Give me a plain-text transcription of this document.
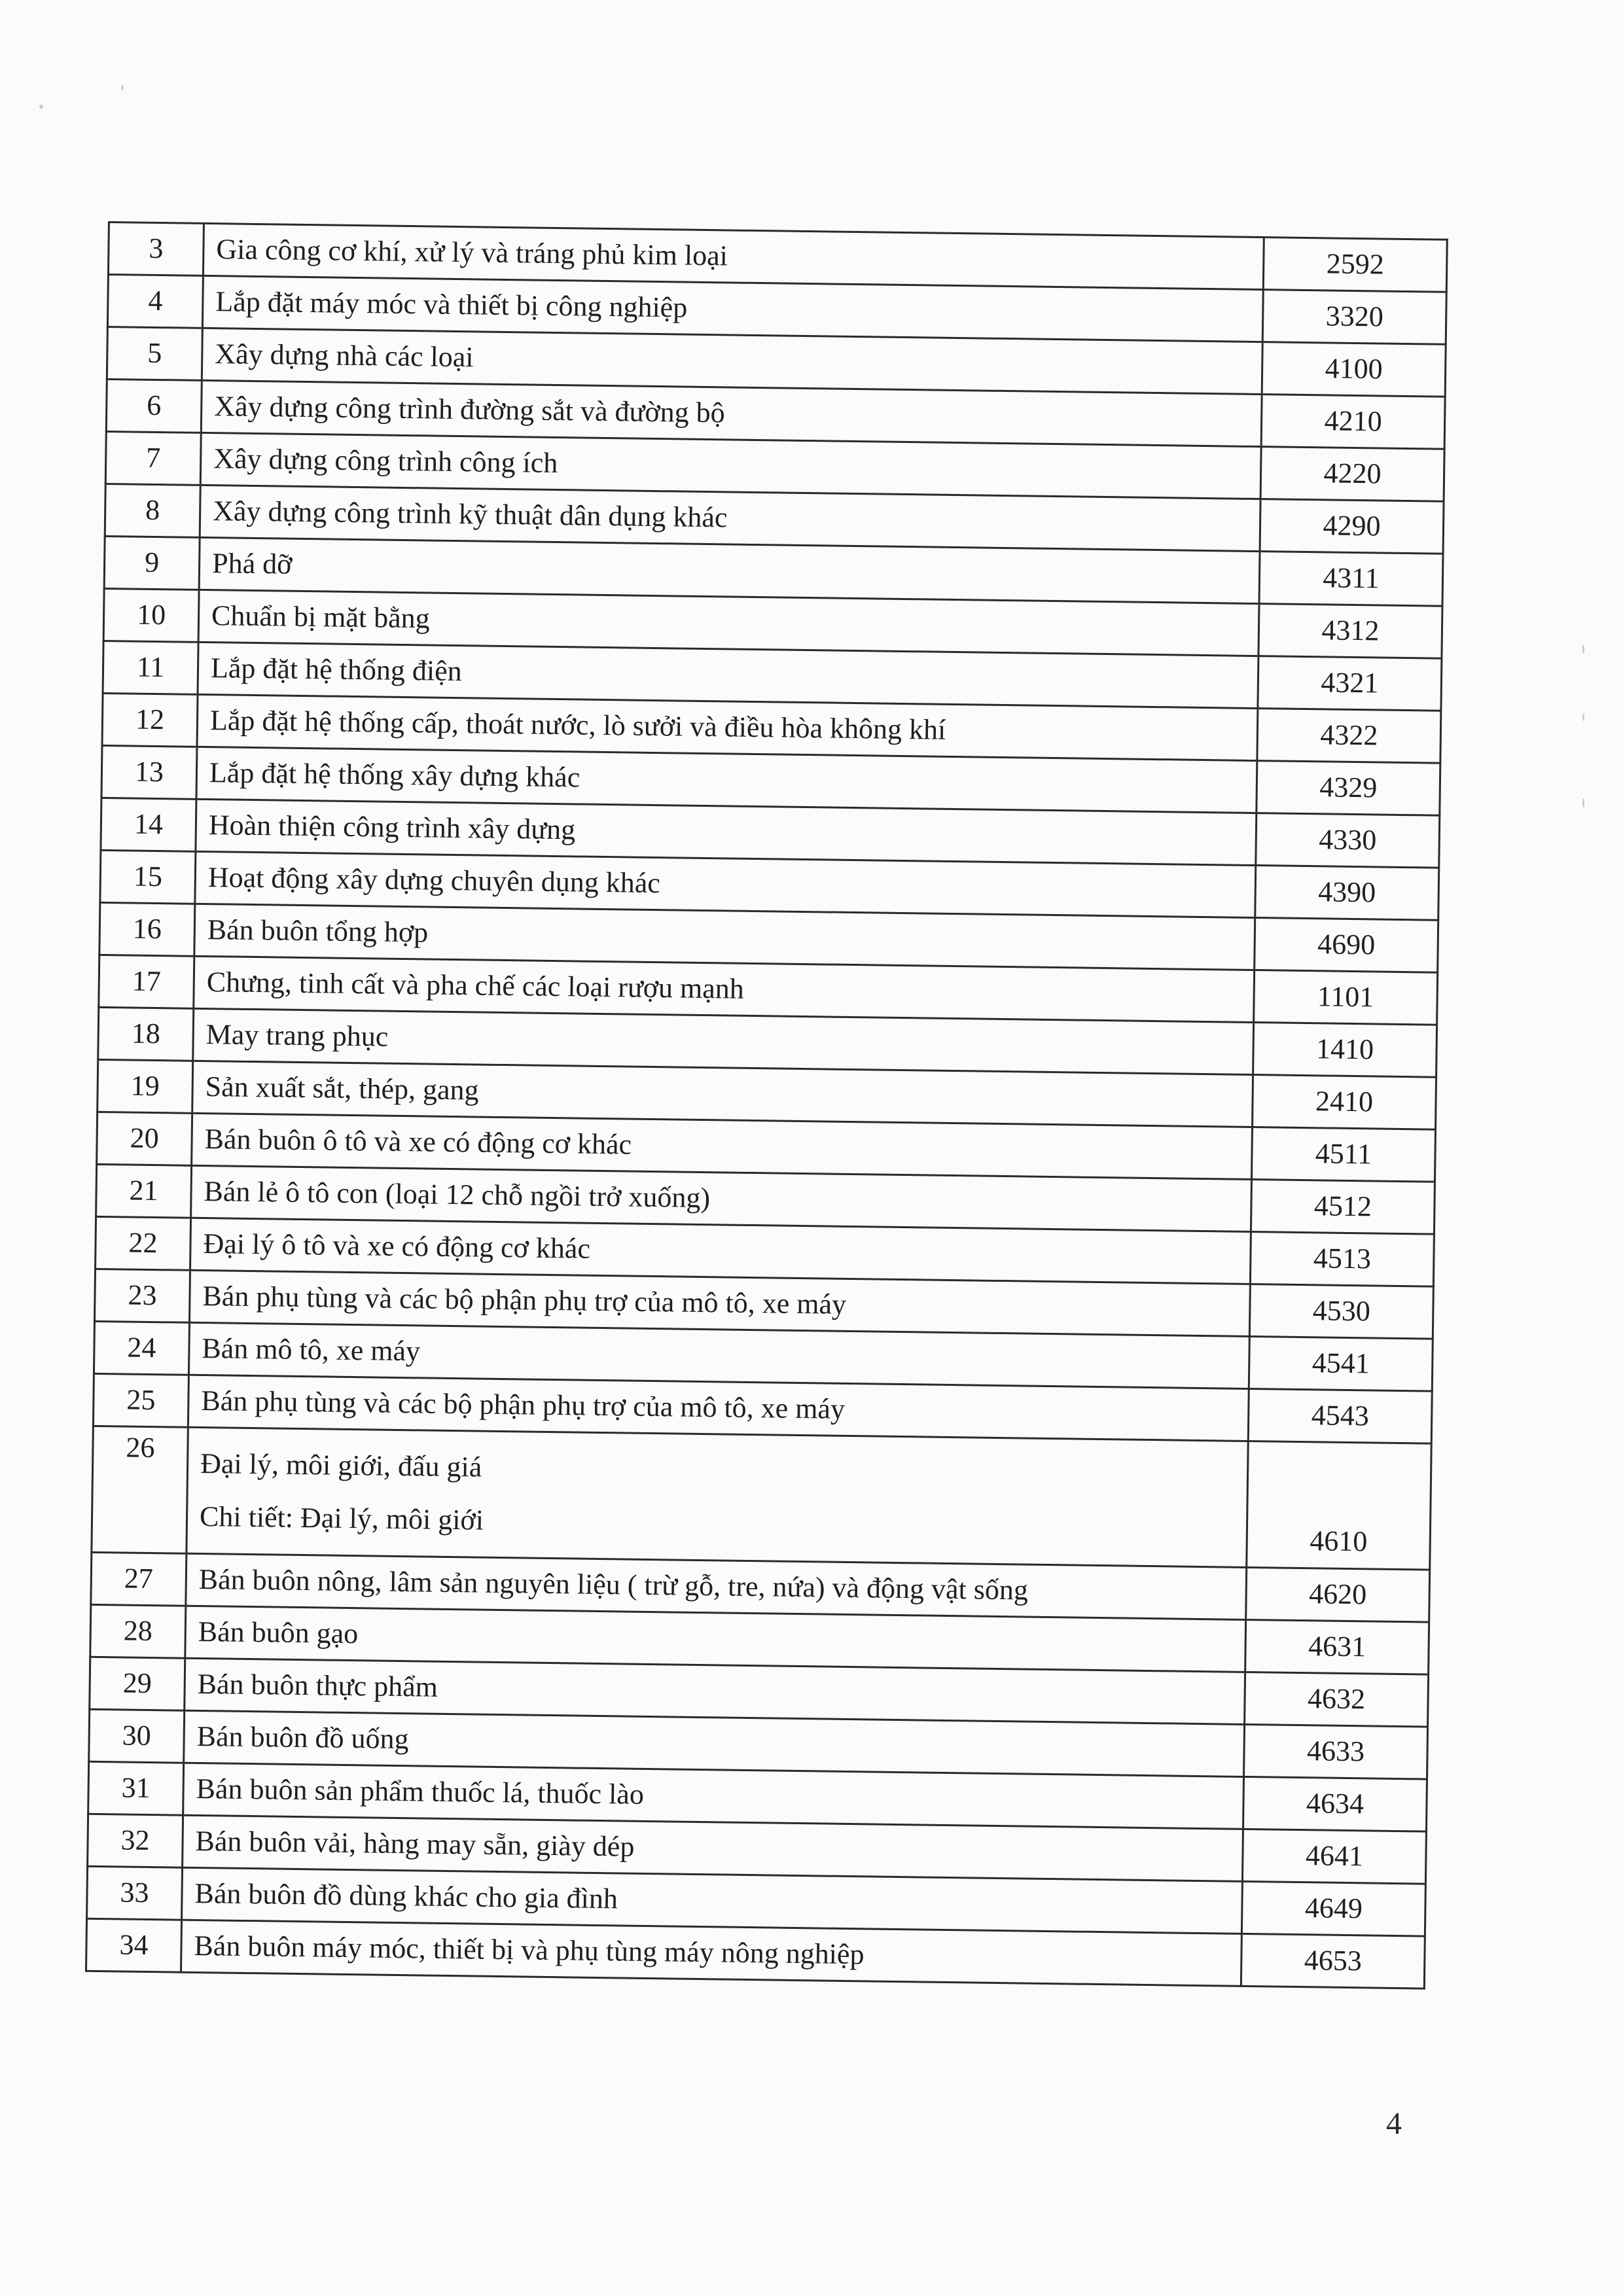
3	Gia công cơ khí, xử lý và tráng phủ kim loại	2592
4	Lắp đặt máy móc và thiết bị công nghiệp	3320
5	Xây dựng nhà các loại	4100
6	Xây dựng công trình đường sắt và đường bộ	4210
7	Xây dựng công trình công ích	4220
8	Xây dựng công trình kỹ thuật dân dụng khác	4290
9	Phá dỡ	4311
10	Chuẩn bị mặt bằng	4312
11	Lắp đặt hệ thống điện	4321
12	Lắp đặt hệ thống cấp, thoát nước, lò sưởi và điều hòa không khí	4322
13	Lắp đặt hệ thống xây dựng khác	4329
14	Hoàn thiện công trình xây dựng	4330
15	Hoạt động xây dựng chuyên dụng khác	4390
16	Bán buôn tổng hợp	4690
17	Chưng, tinh cất và pha chế các loại rượu mạnh	1101
18	May trang phục	1410
19	Sản xuất sắt, thép, gang	2410
20	Bán buôn ô tô và xe có động cơ khác	4511
21	Bán lẻ ô tô con (loại 12 chỗ ngồi trở xuống)	4512
22	Đại lý ô tô và xe có động cơ khác	4513
23	Bán phụ tùng và các bộ phận phụ trợ của mô tô, xe máy	4530
24	Bán mô tô, xe máy	4541
25	Bán phụ tùng và các bộ phận phụ trợ của mô tô, xe máy	4543
26	Đại lý, môi giới, đấu giá
Chi tiết: Đại lý, môi giới	4610
27	Bán buôn nông, lâm sản nguyên liệu ( trừ gỗ, tre, nứa) và động vật sống	4620
28	Bán buôn gạo	4631
29	Bán buôn thực phẩm	4632
30	Bán buôn đồ uống	4633
31	Bán buôn sản phẩm thuốc lá, thuốc lào	4634
32	Bán buôn vải, hàng may sẵn, giày dép	4641
33	Bán buôn đồ dùng khác cho gia đình	4649
34	Bán buôn máy móc, thiết bị và phụ tùng máy nông nghiệp	4653
4
